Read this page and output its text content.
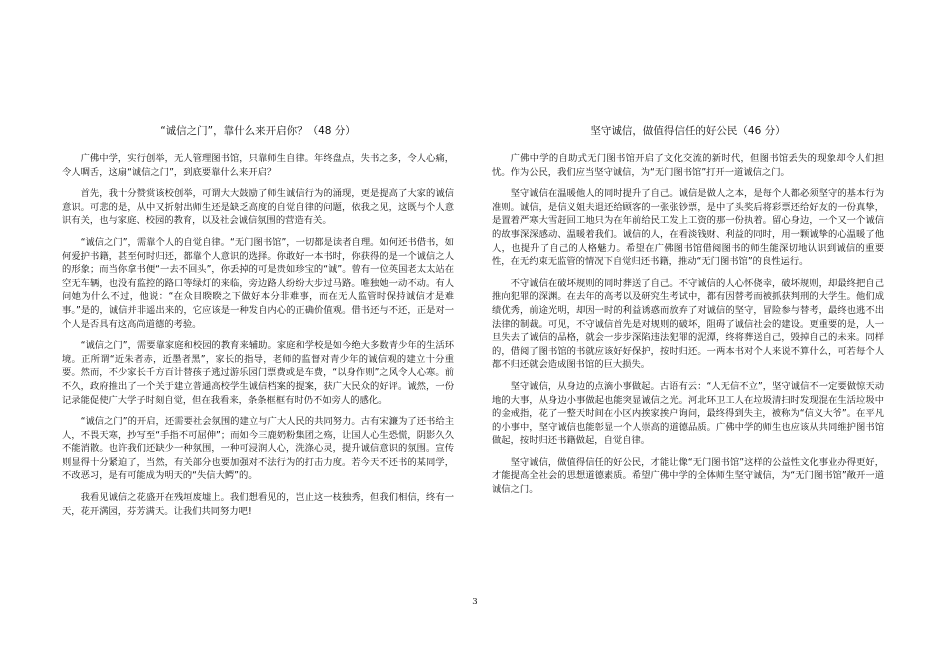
“诚信之门”，靠什么来开启你？（48 分）

广佛中学，实行创举，无人管理图书馆，只靠师生自律。年终盘点，失书之多，令人心痛，令人啁舌，这扇“诚信之门”，到底要靠什么来开启？

首先，我十分赞赏该校创举，可谓大大鼓励了师生诚信行为的涌现，更是提高了大家的诚信意识。可悲的是，从中又折射出师生还是缺乏高度的自觉自律的问题，依我之见，这既与个人意识有关，也与家庭、校园的教育，以及社会诚信氛围的营造有关。

“诚信之门”，需靠个人的自觉自律。“无门图书馆”，一切都是读者自理。如何还书借书，如何爱护书籍，甚至何时归还，都靠个人意识的选择。你敢好一本书时，你获得的是一个诚信之人的形象；而当你拿书便“一去不回头”，你丢掉的可是贵如珍宝的“诚”。曾有一位英国老太太站在空无车辆，也没有监控的路口等绿灯的来临，旁边路人纷纷大步过马路。唯独她一动不动。有人问她为什么不过，他说：“在众目睽睽之下做好本分非难事，而在无人监管时保持诚信才是难事。”是的，诚信并非遥出来的，它应该是一种发自内心的正确价值观。借书还与不还，正是对一个人是否具有这高尚道德的考验。

“诚信之门”，需要靠家庭和校园的教育来辅助。家庭和学校是如今绝大多数青少年的生活环境。正所谓“近朱者赤，近墨者黑”，家长的指导，老师的监督对青少年的诚信观的建立十分重要。然而，不少家长千方百计替孩子逃过游乐园门票费或是车费，“以身作则”之风令人心寒。前不久，政府推出了一个关于建立普通高校学生诚信档案的提案，获广大民众的好评。诚然，一份记录能促使广大学子时刻自觉，但在我看来，条条框框有时仍不如旁人的感化。

“诚信之门”的开启，还需要社会氛围的建立与广大人民的共同努力。古有宋濂为了还书给主人，不畏天寒，抄写至“手指不可屈伸”；而如今三鹿奶粉集团之殇，让国人心生恐慌，阴影久久不能消散。也许我们还缺少一种氛围，一种可浸润人心，洗涤心灵，提升诚信意识的氛围。宣传则显得十分紧迫了，当然，有关部分也要加强对不法行为的打击力度。若今天不还书的某同学，不改恶习，是有可能成为明天的“失信大鳄”的。

我看见诚信之花盛开在残垣废墟上。我们想看见的，岂止这一枝独秀，但我们相信，终有一天，花开满园，芬芳满天。让我们共同努力吧!

坚守诚信，做值得信任的好公民（46 分）

广佛中学的自助式无门图书馆开启了文化交流的新时代，但图书馆丢失的现象却令人们担忧。作为公民，我们应当坚守诚信，为“无门图书馆”打开一道诚信之门。

坚守诚信在温暖他人的同时提升了自己。诚信是做人之本，是每个人都必须坚守的基本行为准则。诚信，是信义姐夫退还给顾客的一张张钞票，是中了头奖后将彩票还给好友的一份真挚，是置着严寒大雪赶回工地只为在年前给民工发上工资的那一份执着。留心身边，一个又一个诚信的故事深深感动、温暖着我们。诚信的人，在看淡钱财、利益的同时，用一颗诚挚的心温暖了他人，也提升了自己的人格魅力。希望在广佛图书馆借阅图书的师生能深切地认识到诚信的重要性，在无约束无监管的情况下自觉归还书籍，推动“无门图书馆”的良性运行。

不守诚信在破坏规则的同时葬送了自己。不守诚信的人心怀侥幸，破坏规则，却最终把自己推向犯罪的深渊。在去年的高考以及研究生考试中，都有因替考而被抓获判刑的大学生。他们成绩优秀，前途光明，却因一时的利益诱惑而放弃了对诚信的坚守，冒险参与替考，最终也逃不出法律的制裁。可见，不守诚信首先是对规则的破坏，阻碍了诚信社会的建设。更重要的是，人一旦失去了诚信的品格，就会一步步深陷违法犯罪的泥潭，终将葬送自己，毁掉自己的未来。同样的，借阅了图书馆的书就应该好好保护，按时归还。一两本书对个人来说不算什么，可若每个人都不归还就会造成图书馆的巨大损失。

坚守诚信，从身边的点滴小事做起。古语有云：“人无信不立”，坚守诚信不一定要做惊天动地的大事，从身边小事做起也能突显诚信之光。河北环卫工人在垃圾清扫时发现混在生活垃圾中的金戒指，花了一整天时间在小区内挨家挨户询问，最终得到失主，被称为“信义大爷”。在平凡的小事中，坚守诚信也能彰显一个人崇高的道德品质。广佛中学的师生也应该从共同维护图书馆做起，按时归还书籍做起，自觉自律。

坚守诚信，做值得信任的好公民，才能让像“无门图书馆”这样的公益性文化事业办得更好，才能提高全社会的思想道德素质。希望广佛中学的全体师生坚守诚信，为“无门图书馆”敞开一道诚信之门。

3
